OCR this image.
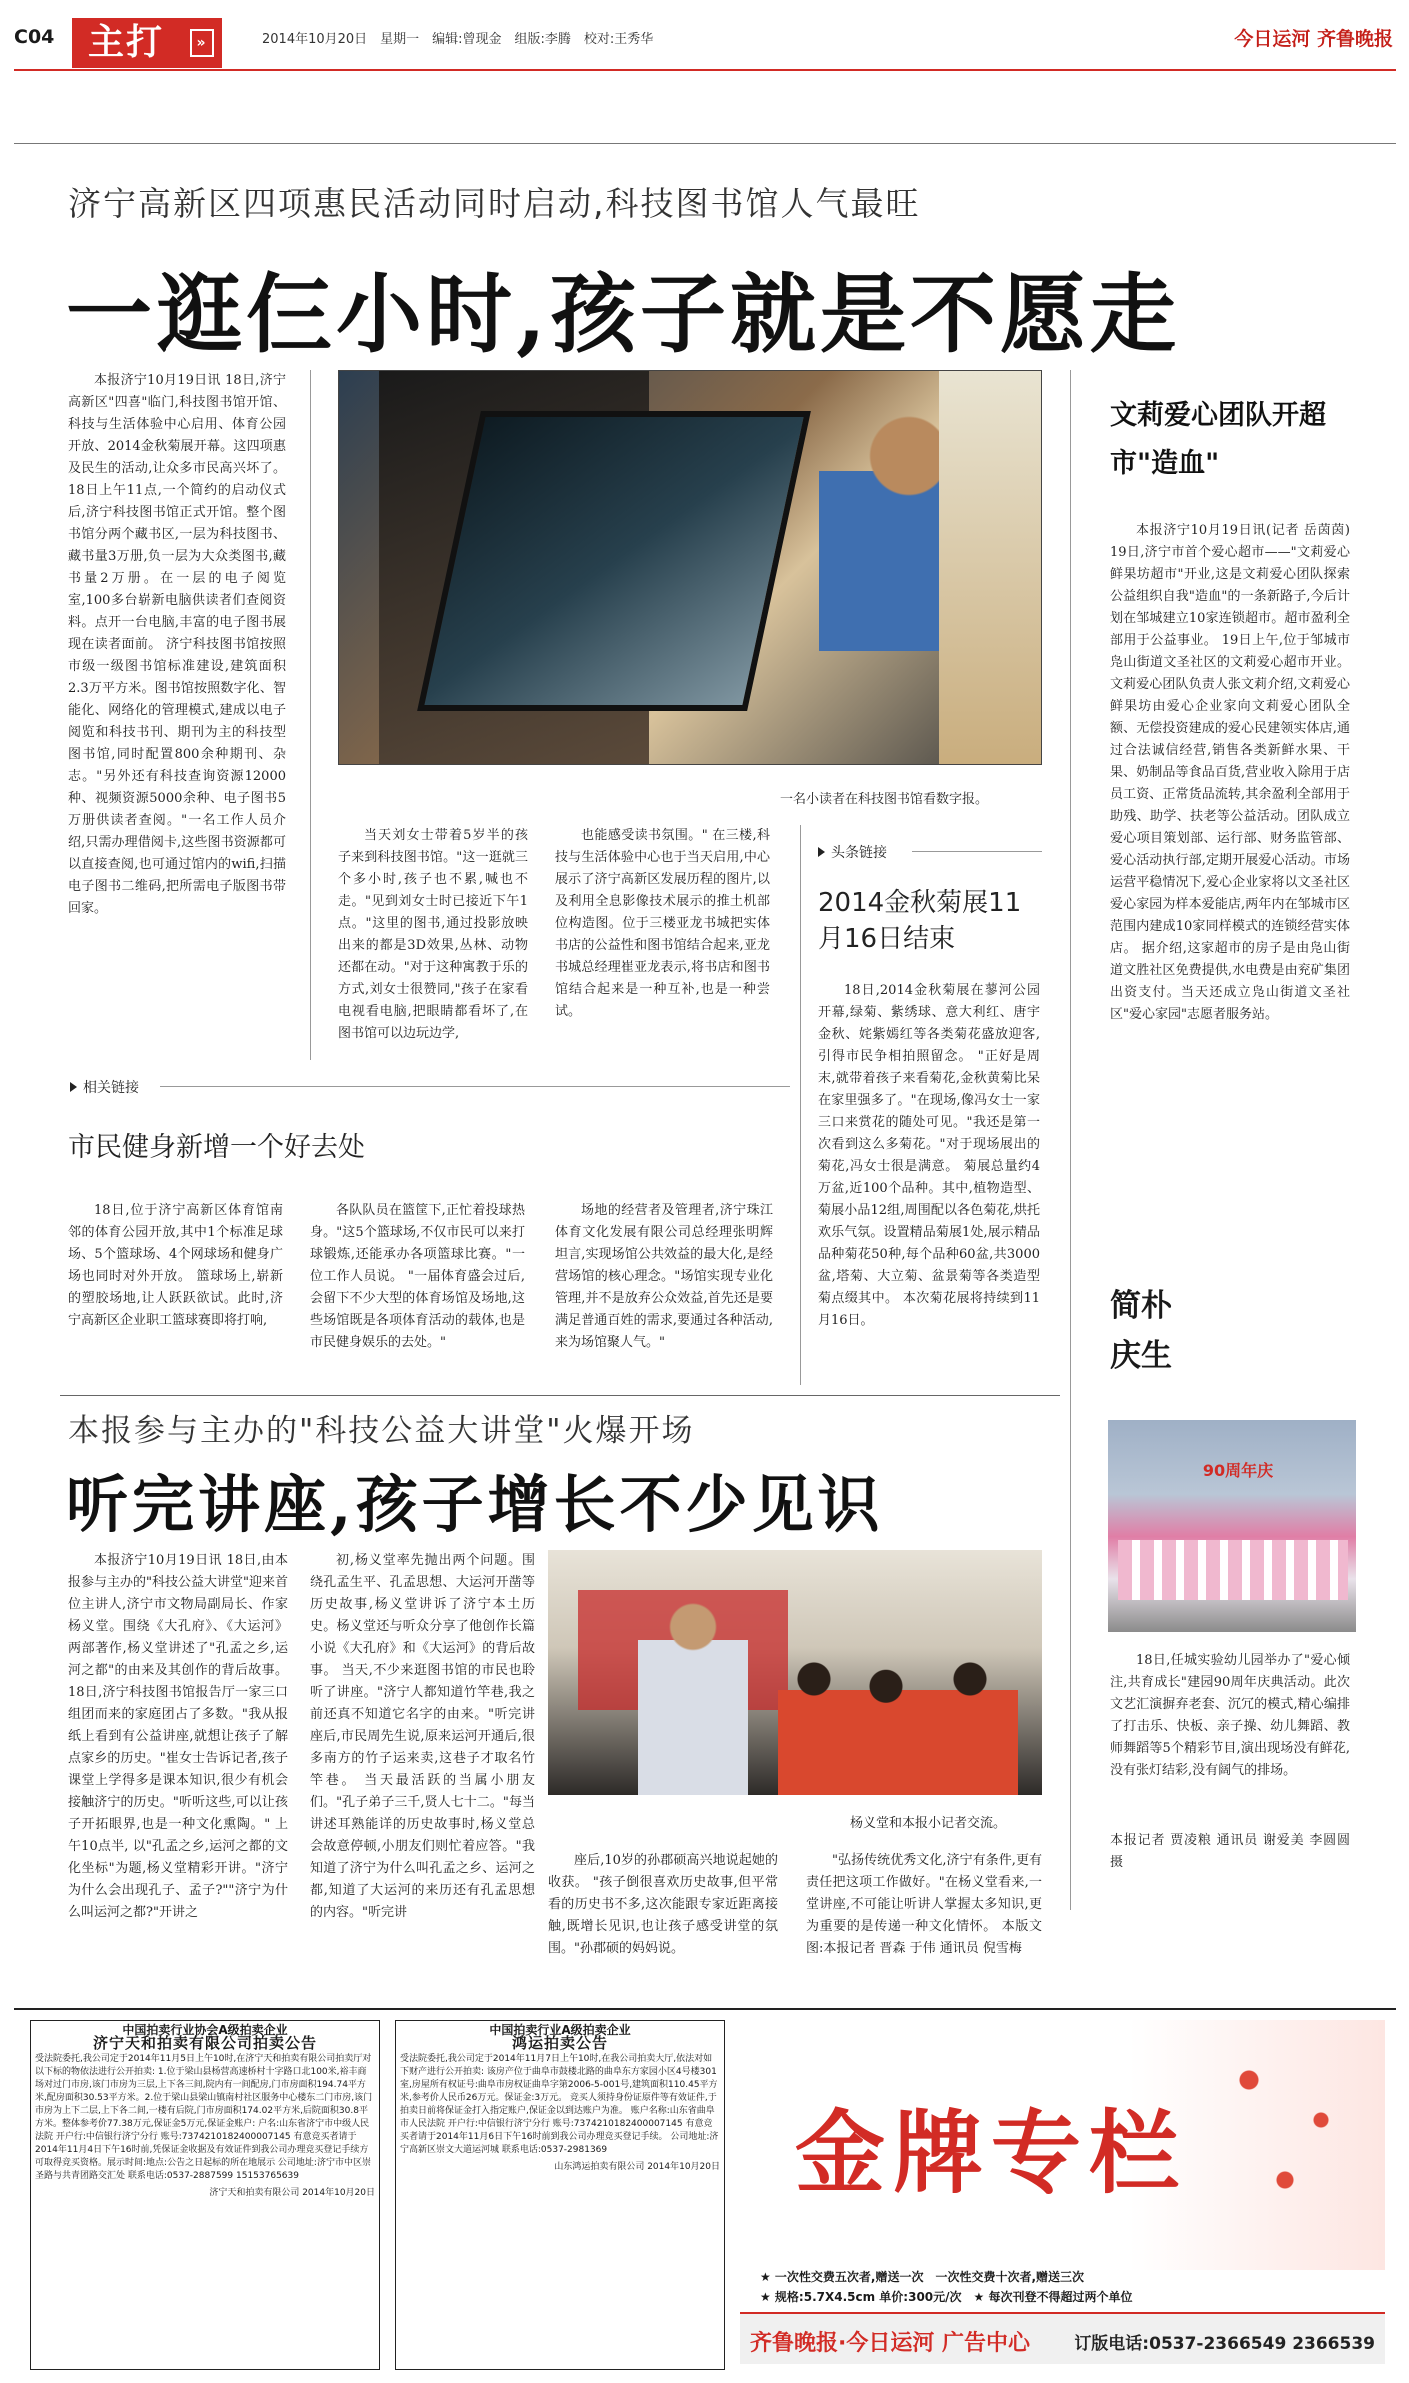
C04 主打	»	2014年10月20日　星期一　编辑:曾现金　组版:李腾　校对:王秀华	今日运河 齐鲁晚报
济宁高新区四项惠民活动同时启动,科技图书馆人气最旺
一逛仨小时,孩子就是不愿走

本报济宁10月19日讯 18日,济宁高新区"四喜"临门,科技图书馆开馆、科技与生活体验中心启用、体育公园开放、2014金秋菊展开幕。这四项惠及民生的活动,让众多市民高兴坏了。 18日上午11点,一个简约的启动仪式后,济宁科技图书馆正式开馆。整个图书馆分两个藏书区,一层为科技图书、藏书量3万册,负一层为大众类图书,藏书量2万册。在一层的电子阅览室,100多台崭新电脑供读者们查阅资料。点开一台电脑,丰富的电子图书展现在读者面前。 济宁科技图书馆按照市级一级图书馆标准建设,建筑面积2.3万平方米。图书馆按照数字化、智能化、网络化的管理模式,建成以电子阅览和科技书刊、期刊为主的科技型图书馆,同时配置800余种期刊、杂志。"另外还有科技查询资源12000种、视频资源5000余种、电子图书5万册供读者查阅。"一名工作人员介绍,只需办理借阅卡,这些图书资源都可以直接查阅,也可通过馆内的wifi,扫描电子图书二维码,把所需电子版图书带回家。

一名小读者在科技图书馆看数字报。

当天刘女士带着5岁半的孩子来到科技图书馆。"这一逛就三个多小时,孩子也不累,喊也不走。"见到刘女士时已接近下午1点。"这里的图书,通过投影放映出来的都是3D效果,丛林、动物还都在动。"对于这种寓教于乐的方式,刘女士很赞同,"孩子在家看电视看电脑,把眼睛都看坏了,在图书馆可以边玩边学,

也能感受读书氛围。" 在三楼,科技与生活体验中心也于当天启用,中心展示了济宁高新区发展历程的图片,以及利用全息影像技术展示的推土机部位构造图。位于三楼亚龙书城把实体书店的公益性和图书馆结合起来,亚龙书城总经理崔亚龙表示,将书店和图书馆结合起来是一种互补,也是一种尝试。

相关链接
市民健身新增一个好去处

18日,位于济宁高新区体育馆南邻的体育公园开放,其中1个标准足球场、5个篮球场、4个网球场和健身广场也同时对外开放。 篮球场上,崭新的塑胶场地,让人跃跃欲试。此时,济宁高新区企业职工篮球赛即将打响,

各队队员在篮筐下,正忙着投球热身。"这5个篮球场,不仅市民可以来打球锻炼,还能承办各项篮球比赛。"一位工作人员说。 "一届体育盛会过后,会留下不少大型的体育场馆及场地,这些场馆既是各项体育活动的载体,也是市民健身娱乐的去处。"

场地的经营者及管理者,济宁珠江体育文化发展有限公司总经理张明辉坦言,实现场馆公共效益的最大化,是经营场馆的核心理念。"场馆实现专业化管理,并不是放弃公众效益,首先还是要满足普通百姓的需求,要通过各种活动,来为场馆聚人气。"

头条链接
2014金秋菊展11月16日结束

18日,2014金秋菊展在蓼河公园开幕,绿菊、紫绣球、意大利红、唐宇金秋、姹紫嫣红等各类菊花盛放迎客,引得市民争相拍照留念。 "正好是周末,就带着孩子来看菊花,金秋黄菊比呆在家里强多了。"在现场,像冯女士一家三口来赏花的随处可见。"我还是第一次看到这么多菊花。"对于现场展出的菊花,冯女士很是满意。 菊展总量约4万盆,近100个品种。其中,植物造型、菊展小品12组,周围配以各色菊花,烘托欢乐气氛。设置精品菊展1处,展示精品品种菊花50种,每个品种60盆,共3000盆,塔菊、大立菊、盆景菊等各类造型菊点缀其中。 本次菊花展将持续到11月16日。

文莉爱心团队开超市"造血"

本报济宁10月19日讯(记者 岳茵茵) 19日,济宁市首个爱心超市——"文莉爱心鲜果坊超市"开业,这是文莉爱心团队探索公益组织自我"造血"的一条新路子,今后计划在邹城建立10家连锁超市。超市盈利全部用于公益事业。 19日上午,位于邹城市凫山街道文圣社区的文莉爱心超市开业。文莉爱心团队负责人张文莉介绍,文莉爱心鲜果坊由爱心企业家向文莉爱心团队全额、无偿投资建成的爱心民建领实体店,通过合法诚信经营,销售各类新鲜水果、干果、奶制品等食品百货,营业收入除用于店员工资、正常货品流转,其余盈利全部用于助残、助学、扶老等公益活动。团队成立爱心项目策划部、运行部、财务监管部、爱心活动执行部,定期开展爱心活动。市场运营平稳情况下,爱心企业家将以文圣社区爱心家园为样本爱能店,两年内在邹城市区范围内建成10家同样模式的连锁经营实体店。 据介绍,这家超市的房子是由凫山街道文胜社区免费提供,水电费是由兖矿集团出资支付。当天还成立凫山街道文圣社区"爱心家园"志愿者服务站。

简朴
庆生
90周年庆

18日,任城实验幼儿园举办了"爱心倾注,共育成长"建园90周年庆典活动。此次文艺汇演摒弃老套、沉冗的模式,精心编排了打击乐、快板、亲子操、幼儿舞蹈、教师舞蹈等5个精彩节目,演出现场没有鲜花,没有张灯结彩,没有阔气的排场。

本报记者 贾凌粮 通讯员 谢爱美 李圆圆 摄
本报参与主办的"科技公益大讲堂"火爆开场
听完讲座,孩子增长不少见识

本报济宁10月19日讯 18日,由本报参与主办的"科技公益大讲堂"迎来首位主讲人,济宁市文物局副局长、作家杨义堂。围绕《大孔府》、《大运河》两部著作,杨义堂讲述了"孔孟之乡,运河之都"的由来及其创作的背后故事。 18日,济宁科技图书馆报告厅一家三口组团而来的家庭团占了多数。"我从报纸上看到有公益讲座,就想让孩子了解点家乡的历史。"崔女士告诉记者,孩子课堂上学得多是课本知识,很少有机会接触济宁的历史。"听听这些,可以让孩子开拓眼界,也是一种文化熏陶。" 上午10点半, 以"孔孟之乡,运河之都的文化坐标"为题,杨义堂精彩开讲。"济宁为什么会出现孔子、孟子?""济宁为什么叫运河之都?"开讲之

初,杨义堂率先抛出两个问题。围绕孔孟生平、孔孟思想、大运河开凿等历史故事,杨义堂讲诉了济宁本土历史。杨义堂还与听众分享了他创作长篇小说《大孔府》和《大运河》的背后故事。 当天,不少来逛图书馆的市民也聆听了讲座。"济宁人都知道竹竿巷,我之前还真不知道它名字的由来。"听完讲座后,市民周先生说,原来运河开通后,很多南方的竹子运来卖,这巷子才取名竹竿巷。 当天最活跃的当属小朋友们。"孔子弟子三千,贤人七十二。"每当讲述耳熟能详的历史故事时,杨义堂总会故意停顿,小朋友们则忙着应答。"我知道了济宁为什么叫孔孟之乡、运河之都,知道了大运河的来历还有孔孟思想的内容。"听完讲

杨义堂和本报小记者交流。

座后,10岁的孙郡硕高兴地说起她的收获。 "孩子倒很喜欢历史故事,但平常看的历史书不多,这次能跟专家近距离接触,既增长见识,也让孩子感受讲堂的氛围。"孙郡硕的妈妈说。

"弘扬传统优秀文化,济宁有条件,更有责任把这项工作做好。"在杨义堂看来,一堂讲座,不可能让听讲人掌握太多知识,更为重要的是传递一种文化情怀。 本版文图:本报记者 晋森 于伟 通讯员 倪雪梅

中国拍卖行业协会A级拍卖企业
济宁天和拍卖有限公司拍卖公告
受法院委托,我公司定于2014年11月5日上午10时,在济宁天和拍卖有限公司拍卖厅对以下标的物依法进行公开拍卖: 1.位于梁山县杨营高速桥村十字路口北100米,裕丰商场对过门市房,该门市房为三层,上下各三间,院内有一间配房,门市房面积194.74平方米,配房面积30.53平方米。2.位于梁山县梁山镇南村社区服务中心楼东二门市房,该门市房为上下二层,上下各二间,一楼有后院,门市房面积174.02平方米,后院面积30.8平方米。整体参考价77.38万元,保证金5万元,保证金账户: 户名:山东省济宁市中级人民法院 开户行:中信银行济宁分行 账号:7374210182400007145 有意竞买者请于2014年11月4日下午16时前,凭保证金收据及有效证件到我公司办理竞买登记手续方可取得竞买资格。展示时间:地点:公告之日起标的所在地展示 公司地址:济宁市中区崇圣路与共青团路交汇处 联系电话:0537-2887599 15153765639
济宁天和拍卖有限公司 2014年10月20日
中国拍卖行业A级拍卖企业
鸿运拍卖公告
受法院委托,我公司定于2014年11月7日上午10时,在我公司拍卖大厅,依法对如下财产进行公开拍卖: 该房产位于曲阜市鼓楼北路的曲阜东方家园小区4号楼301室,房屋所有权证号:曲阜市房权证曲阜字第2006-5-001号,建筑面积110.45平方米,参考价人民币26万元。保证金:3万元。 竞买人须持身份证原件等有效证件,于拍卖日前将保证金打入指定账户,保证金以到达账户为准。 账户名称:山东省曲阜市人民法院 开户行:中信银行济宁分行 账号:7374210182400007145 有意竞买者请于2014年11月6日下午16时前到我公司办理竞买登记手续。 公司地址:济宁高新区崇文大道运河城 联系电话:0537-2981369
山东鸿运拍卖有限公司 2014年10月20日 金牌专栏
★ 一次性交费五次者,赠送一次　一次性交费十次者,赠送三次
★ 规格:5.7X4.5cm 单价:300元/次　★ 每次刊登不得超过两个单位
齐鲁晚报·今日运河 广告中心	订版电话:0537-2366549 2366539
